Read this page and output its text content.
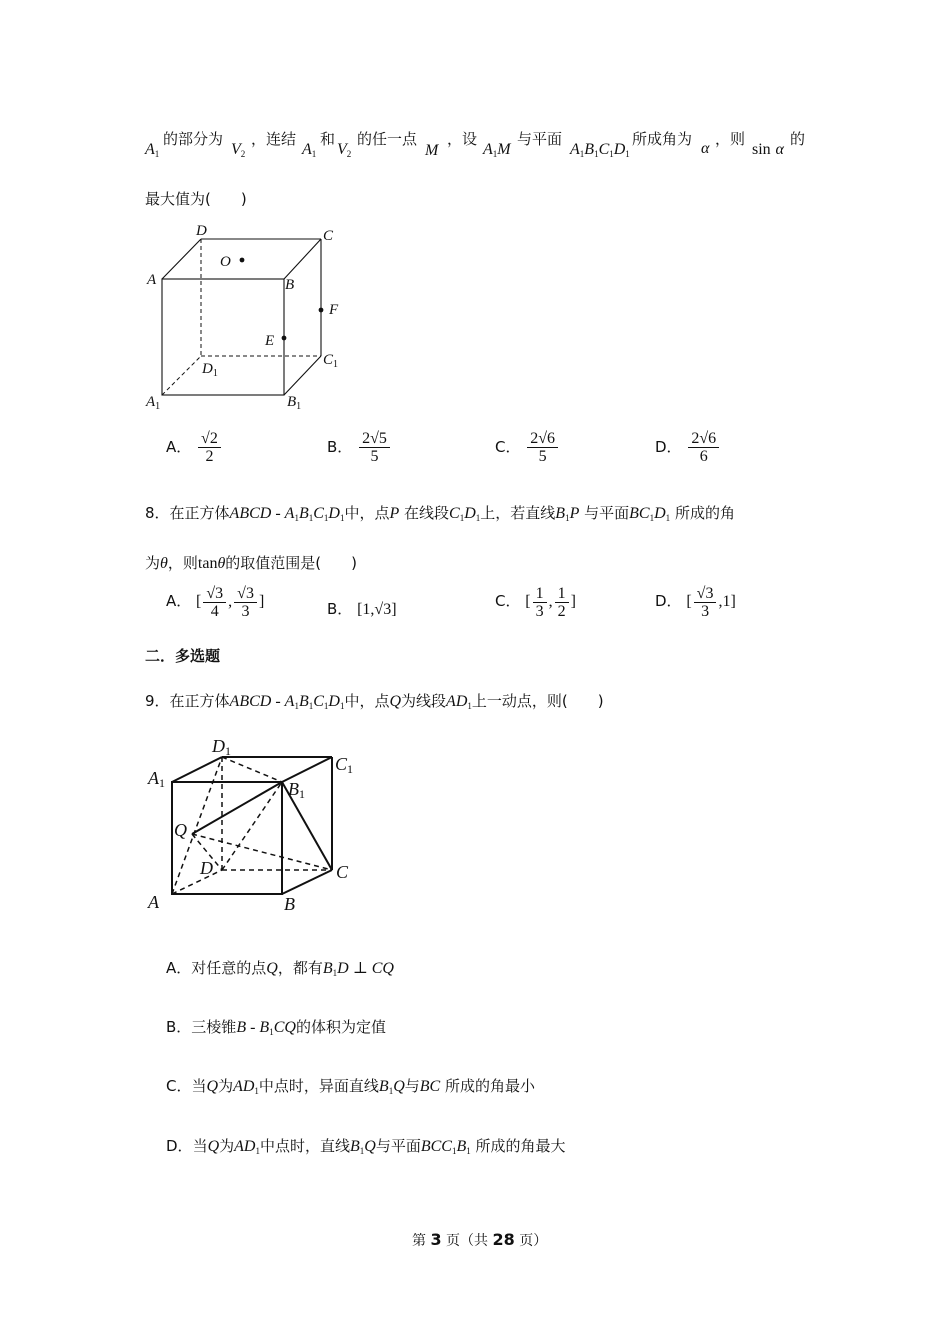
$A_1$
的部分为
$V_2$
，连结
$A_1$
和
$V_2$
的任一点
M
，设
$A_1M$
与平面
$A_1B_1C_1D_1$
所成角为
α
，则
sin α
的
最大值为(　　)
D	C
O
A	B
F
E
$C_1$
$D_1$
$A_1$	$B_1$
A． $\frac{√2}{2}$	B． $\frac{2√5}{5}$	C． $\frac{2√6}{5}$	D． $\frac{2√6}{6}$
8．在正方体ABCD - $A_1B_1C_1D_1$中，点P 在线段$C_1D_1$上，若直线$B_1P$ 与平面$BC_1D_1$ 所成的角
为θ，则tanθ的取值范围是(　　)
A． [ $\frac{√3}{4}$ , $\frac{√3}{3}$ ]	B． [1,√3]	C． [ $\frac{1}{3}$ , $\frac{1}{2}$ ]	D． [ $\frac{√3}{3} ,1$]
二．多选题
9．在正方体ABCD - $A_1B_1C_1D_1$中，点Q为线段$AD_1$上一动点，则(　　)
D1
C1
A1	B1
Q
D	C
A	B
A．对任意的点Q，都有$B_1D$ ⊥ CQ
B．三棱锥B - $B_1CQ$的体积为定值
C．当Q为$AD_1$中点时，异面直线$B_1Q$与BC 所成的角最小
D．当Q为$AD_1$中点时，直线$B_1Q$与平面$BCC_1B_1$ 所成的角最大
第 3 页（共 28 页）
